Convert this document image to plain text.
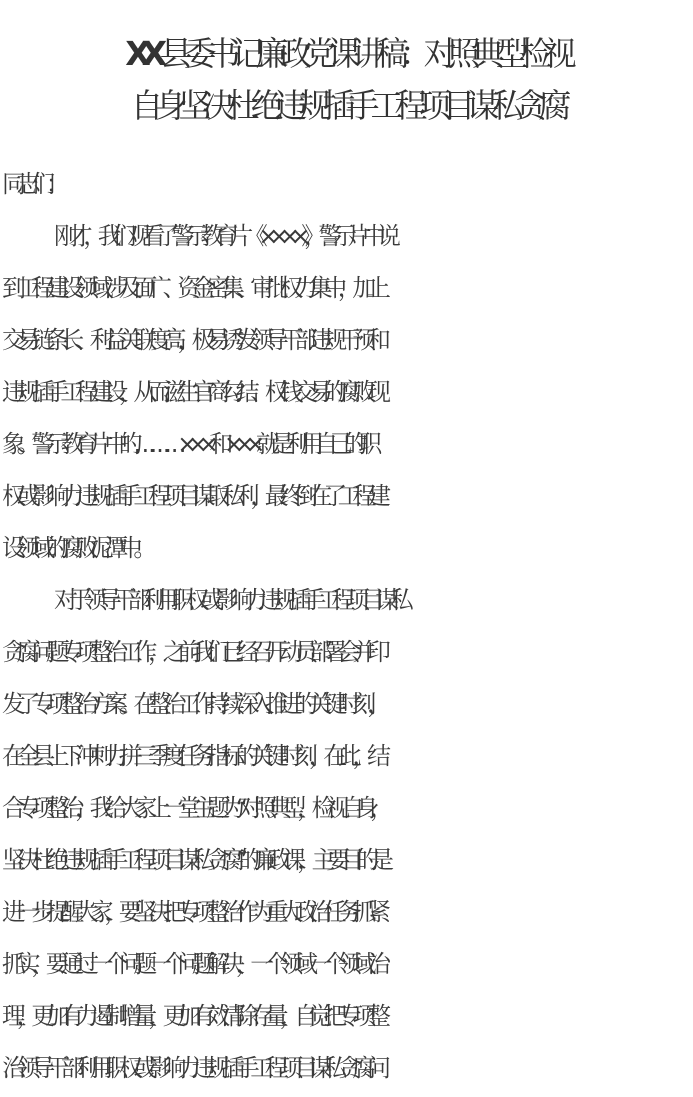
XX 县委书记廉政党课讲稿：对照典型检视
自身坚决杜绝违规插手工程项目谋私贪腐
同志们：
刚才，我们观看了警示教育片《××××》，警示片中说
到工程建设领域涉及面广、资金密集、审批权力集中，加上
交易链条长、利益关联度高，极易诱发领导干部违规干预和
违规插手工程建设，从而滋生官商勾结、权钱交易的腐败现
象。警示教育片中的………×××和×××就是利用自己的职
权或影响力违规插手工程项目谋取私利，最终倒在了工程建
设领域的腐败泥潭中。
对于领导干部利用职权或影响力违规插手工程项目谋私
贪腐问题专项整治工作，之前我们已经召开动员部署会并印
发了专项整治方案。在整治工作持续深入推进的关键时刻，
在全县上下冲刺力拼三季度任务指标的关键时刻，在此，结
合专项整治，我给大家上一堂主题为“对照典型，检视自身，
坚决杜绝违规插手工程项目谋私贪腐”的廉政课，主要目的是
进一步提醒大家，要坚决把专项整治作为重大政治任务抓紧
抓实，要通过一个问题一个问题解决，一个领域一个领域治
理，更加有力遏制增量，更加有效清除存量，自觉把专项整
治领导干部利用职权或影响力违规插手工程项目谋私贪腐问
